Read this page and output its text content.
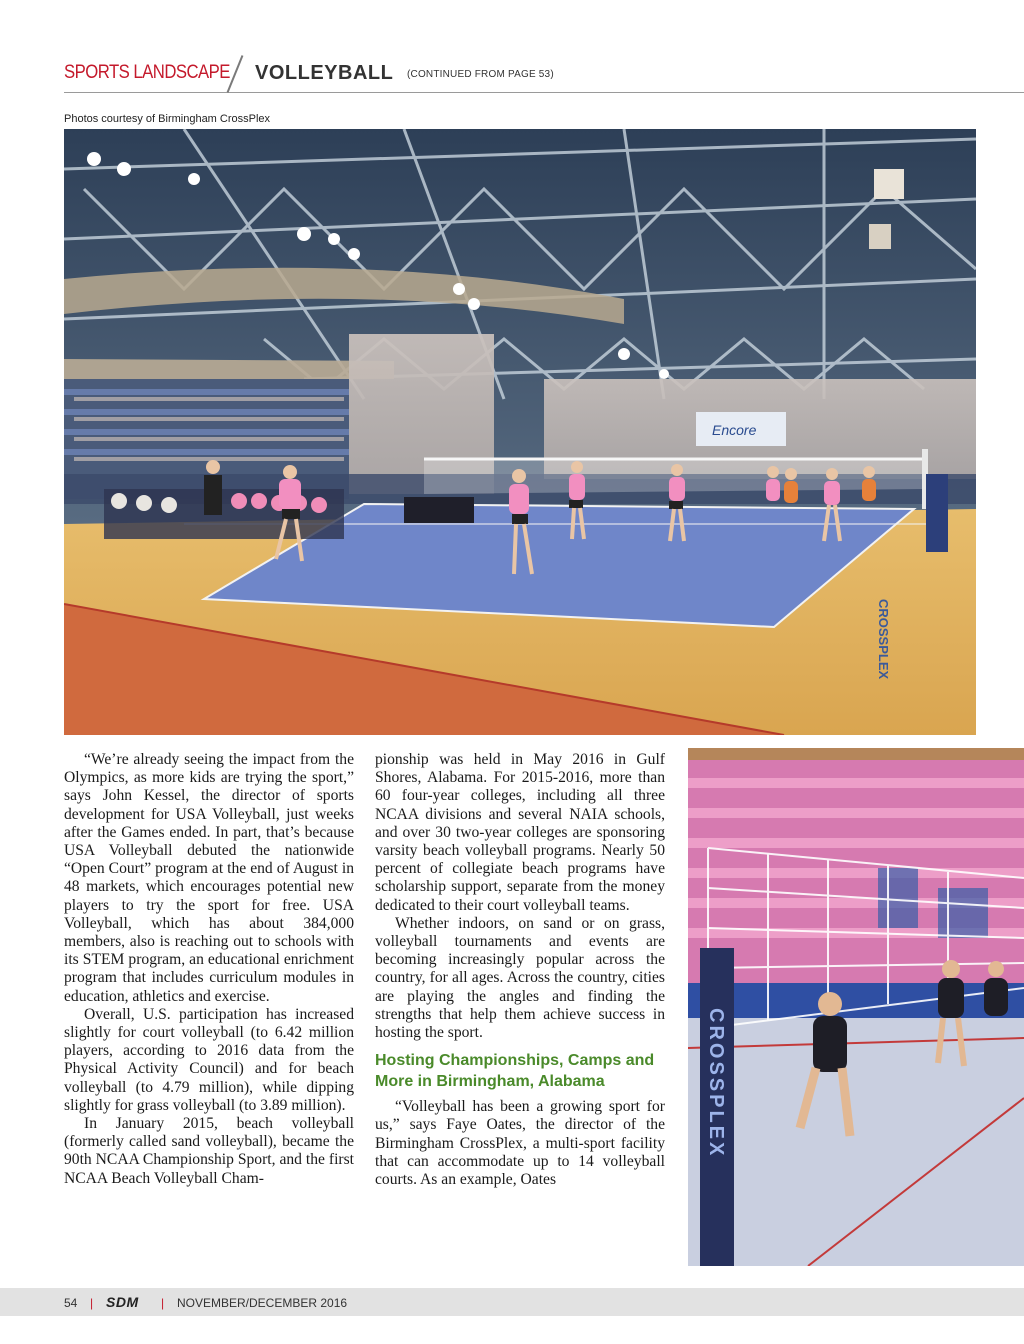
SPORTS LANDSCAPE VOLLEYBALL (CONTINUED FROM PAGE 53)
Photos courtesy of Birmingham CrossPlex
Encore
CROSSPLEX
CROSSPLEX

“We’re already seeing the impact from the Olympics, as more kids are trying the sport,” says John Kessel, the director of sports development for USA Volleyball, just weeks after the Games ended. In part, that’s because USA Volleyball debuted the nationwide “Open Court” program at the end of August in 48 markets, which encourages potential new players to try the sport for free. USA Volleyball, which has about 384,000 members, also is reaching out to schools with its STEM program, an educational enrichment program that includes curriculum modules in education, athletics and exercise.

Overall, U.S. participation has increased slightly for court volleyball (to 6.42 million players, according to 2016 data from the Physical Activity Council) and for beach volleyball (to 4.79 million), while dipping slightly for grass volleyball (to 3.89 million).

In January 2015, beach volleyball (formerly called sand volleyball), became the 90th NCAA Championship Sport, and the first NCAA Beach Volleyball Cham-

pionship was held in May 2016 in Gulf Shores, Alabama. For 2015-2016, more than 60 four-year colleges, including all three NCAA divisions and several NAIA schools, and over 30 two-year colleges are sponsoring varsity beach volleyball programs. Nearly 50 percent of collegiate beach programs have scholarship support, separate from the money dedicated to their court volleyball teams.

Whether indoors, on sand or on grass, volleyball tournaments and events are becoming increasingly popular across the country, for all ages. Across the country, cities are playing the angles and finding the strengths that help them achieve success in hosting the sport.

Hosting Championships, Camps and More in Birmingham, Alabama

“Volleyball has been a growing sport for us,” says Faye Oates, the director of the Birmingham CrossPlex, a multi-sport facility that can accommodate up to 14 volleyball courts. As an example, Oates

54 | SDM | NOVEMBER/DECEMBER 2016
